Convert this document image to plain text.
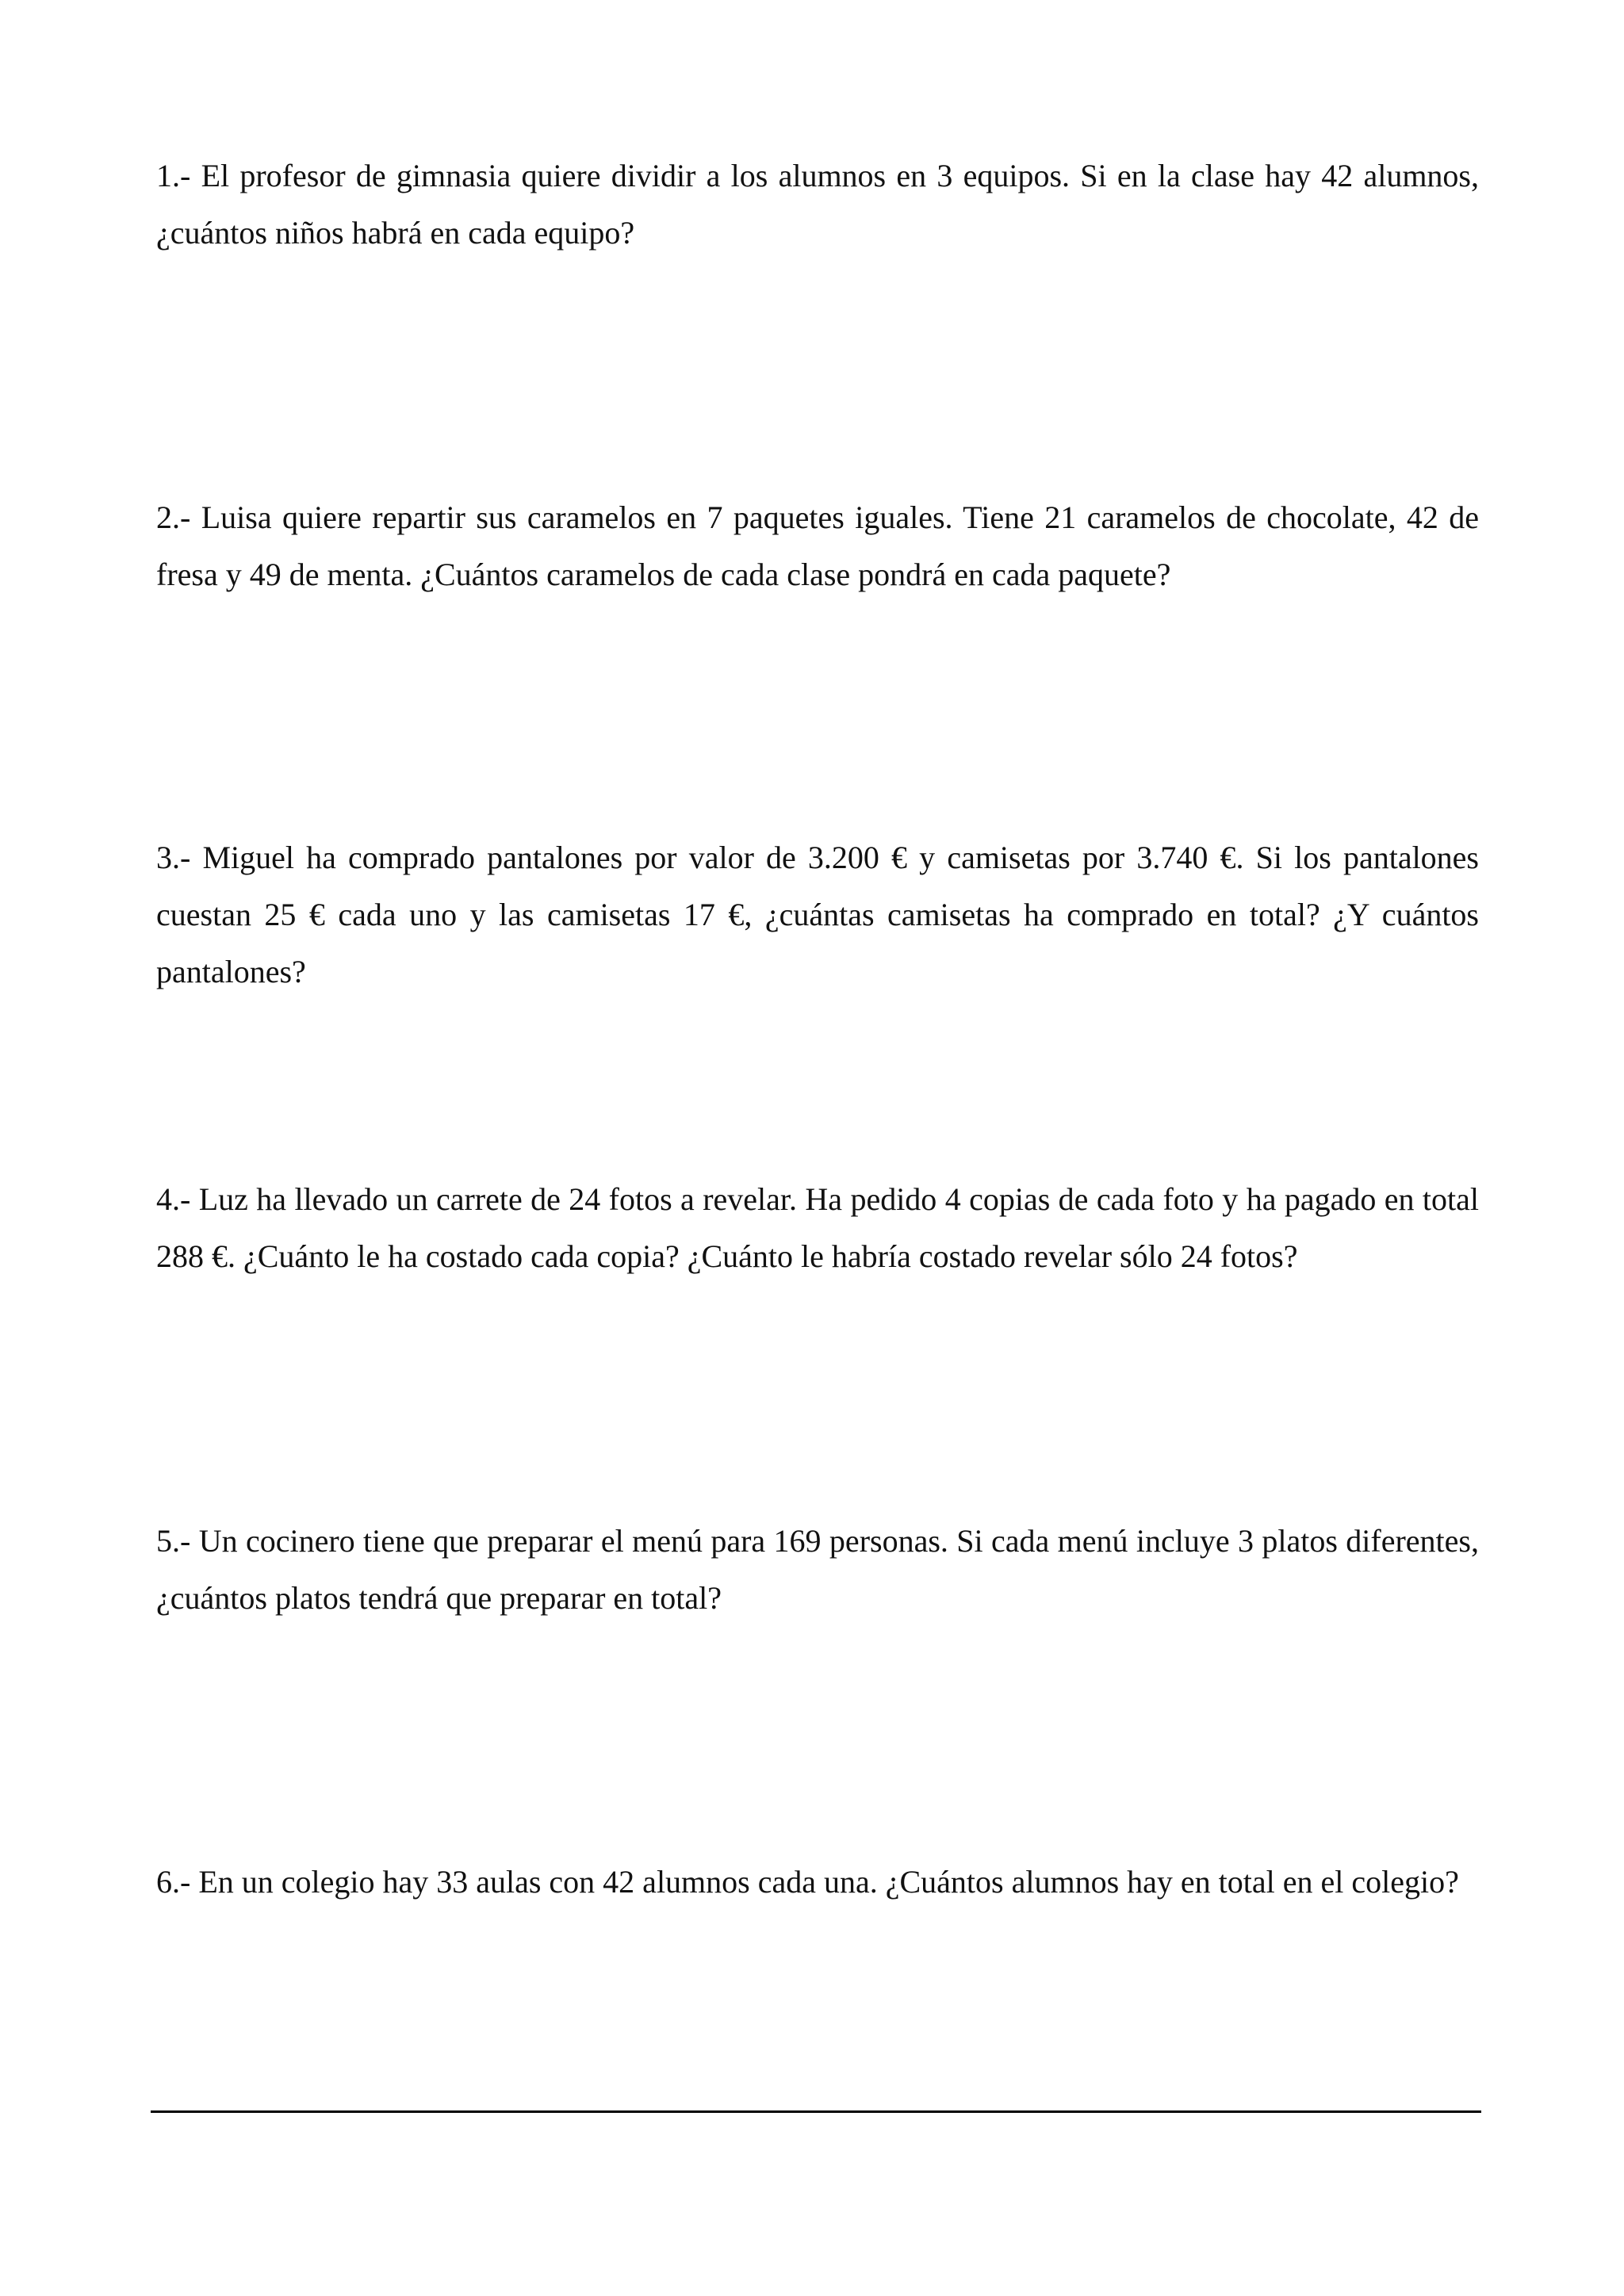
1.- El profesor de gimnasia quiere dividir a los alumnos en 3 equipos. Si en la clase hay 42 alumnos, ¿cuántos niños habrá en cada equipo?

2.- Luisa quiere repartir sus caramelos en 7 paquetes iguales. Tiene 21 caramelos de chocolate, 42 de fresa y 49 de menta. ¿Cuántos caramelos de cada clase pondrá en cada paquete?

3.- Miguel ha comprado pantalones por valor de 3.200 € y camisetas por 3.740 €. Si los pantalones cuestan 25 € cada uno y las camisetas 17 €, ¿cuántas camisetas ha comprado en total? ¿Y cuántos pantalones?

4.- Luz ha llevado un carrete de 24 fotos a revelar. Ha pedido 4 copias de cada foto y ha pagado en total 288 €. ¿Cuánto le ha costado cada copia? ¿Cuánto le habría costado revelar sólo 24 fotos?

5.- Un cocinero tiene que preparar el menú para 169 personas. Si cada menú incluye 3 platos diferentes, ¿cuántos platos tendrá que preparar en total?

6.- En un colegio hay 33 aulas con 42 alumnos cada una. ¿Cuántos alumnos hay en total en el colegio?
